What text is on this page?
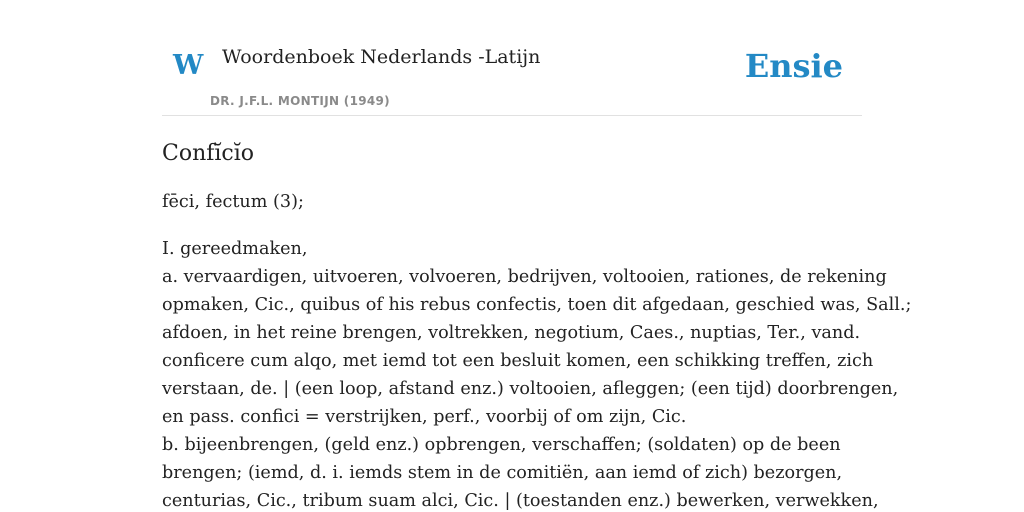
W Woordenboek Nederlands -Latijn
DR. J.F.L. MONTIJN (1949)
Ensie
Confĭcĭo

fēci, fectum (3);

I. gereedmaken,
a. vervaardigen, uitvoeren, volvoeren, bedrijven, voltooien, rationes, de rekening
opmaken, Cic., quibus of his rebus confectis, toen dit afgedaan, geschied was, Sall.;
afdoen, in het reine brengen, voltrekken, negotium, Caes., nuptias, Ter., vand.
conficere cum alqo, met iemd tot een besluit komen, een schikking treffen, zich
verstaan, de. | (een loop, afstand enz.) voltooien, afleggen; (een tijd) doorbrengen,
en pass. confici = verstrijken, perf., voorbij of om zijn, Cic.
b. bijeenbrengen, (geld enz.) opbrengen, verschaffen; (soldaten) op de been
brengen; (iemd, d. i. iemds stem in de comitiën, aan iemd of zich) bezorgen,
centurias, Cic., tribum suam alci, Cic. | (toestanden enz.) bewerken, verwekken,
